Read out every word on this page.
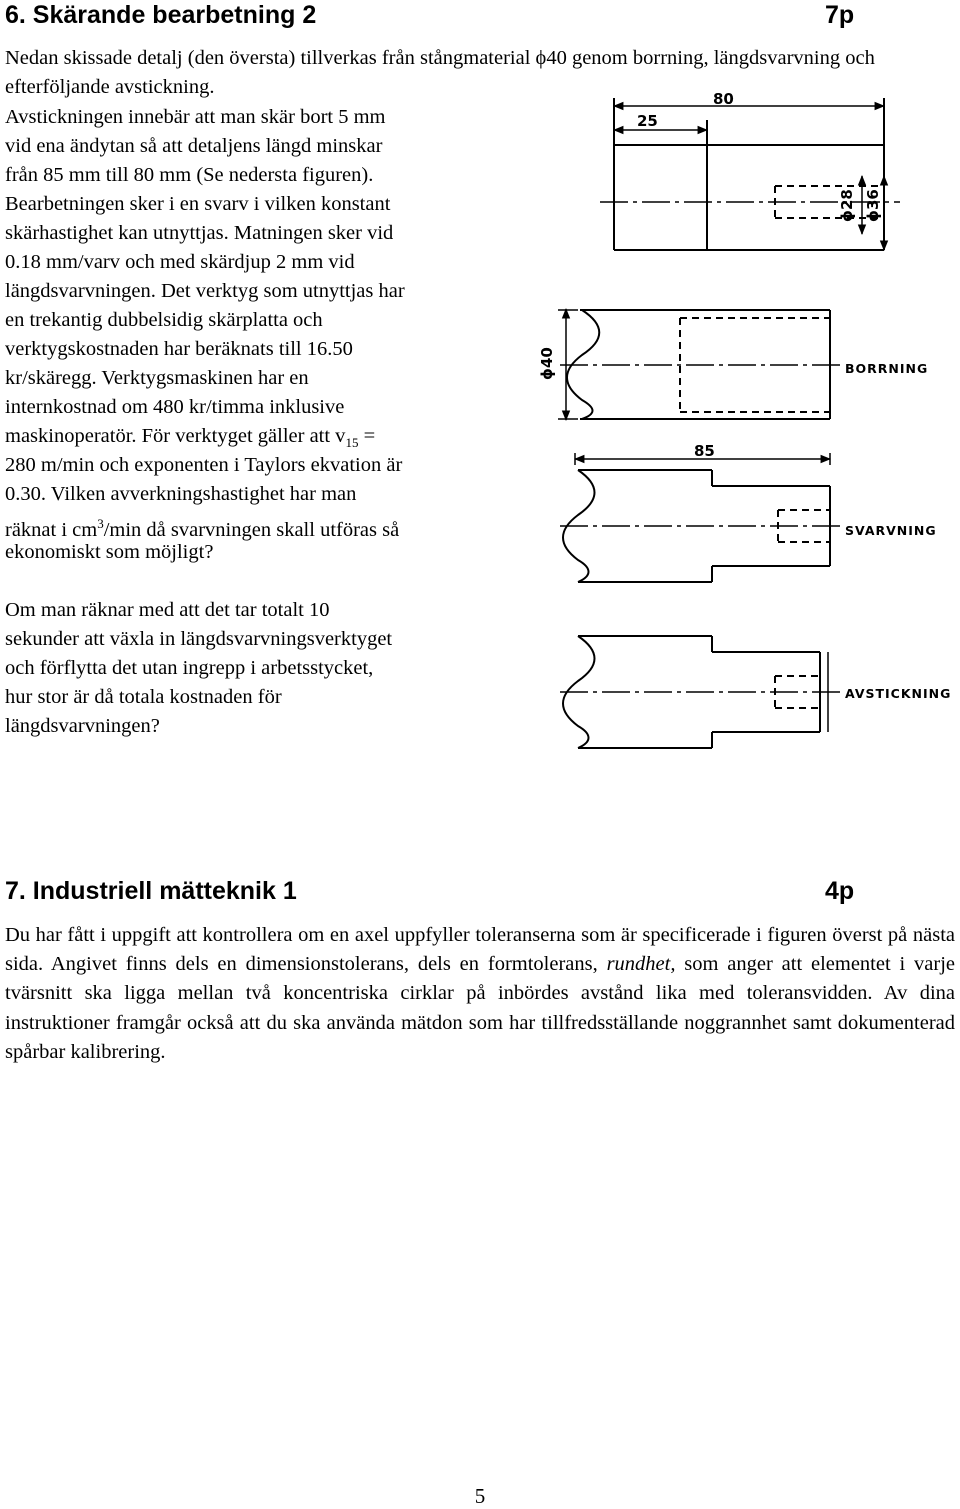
6. Skärande bearbetning 2	7p

Nedan skissade detalj (den översta) tillverkas från stångmaterial ϕ40 genom borrning, längdsvarvning och efterföljande avstickning.

Avstickningen innebär att man skär bort 5 mm
vid ena ändytan så att detaljens längd minskar
från 85 mm till 80 mm (Se nedersta figuren).
Bearbetningen sker i en svarv i vilken konstant
skärhastighet kan utnyttjas. Matningen sker vid
0.18 mm/varv och med skärdjup 2 mm vid
längdsvarvningen. Det verktyg som utnyttjas har
en trekantig dubbelsidig skärplatta och
verktygskostnaden har beräknats till 16.50
kr/skäregg. Verktygsmaskinen har en
internkostnad om 480 kr/timma inklusive
maskinoperatör. För verktyget gäller att $v_{15}$ =
280 m/min och exponenten i Taylors ekvation är
0.30. Vilken avverkningshastighet har man
räknat i $cm^3/\min$ då svarvningen skall utföras så
ekonomiskt som möjligt?
Om man räknar med att det tar totalt 10
sekunder att växla in längdsvarvningsverktyget
och förflytta det utan ingrepp i arbetsstycket,
hur stor är då totala kostnaden för
längdsvarvningen?
80
25
ϕ28 ϕ36
ϕ40	BORRNING
85
SVARVNING
AVSTICKNING
7. Industriell mätteknik 1	4p

Du har fått i uppgift att kontrollera om en axel uppfyller toleranserna som är specificerade i figuren överst på nästa sida. Angivet finns dels en dimensionstolerans, dels en formtolerans, rundhet, som anger att elementet i varje tvärsnitt ska ligga mellan två koncentriska cirklar på inbördes avstånd lika med toleransvidden. Av dina instruktioner framgår också att du ska använda mätdon som har tillfredsställande noggrannhet samt dokumenterad spårbar kalibrering.

5
